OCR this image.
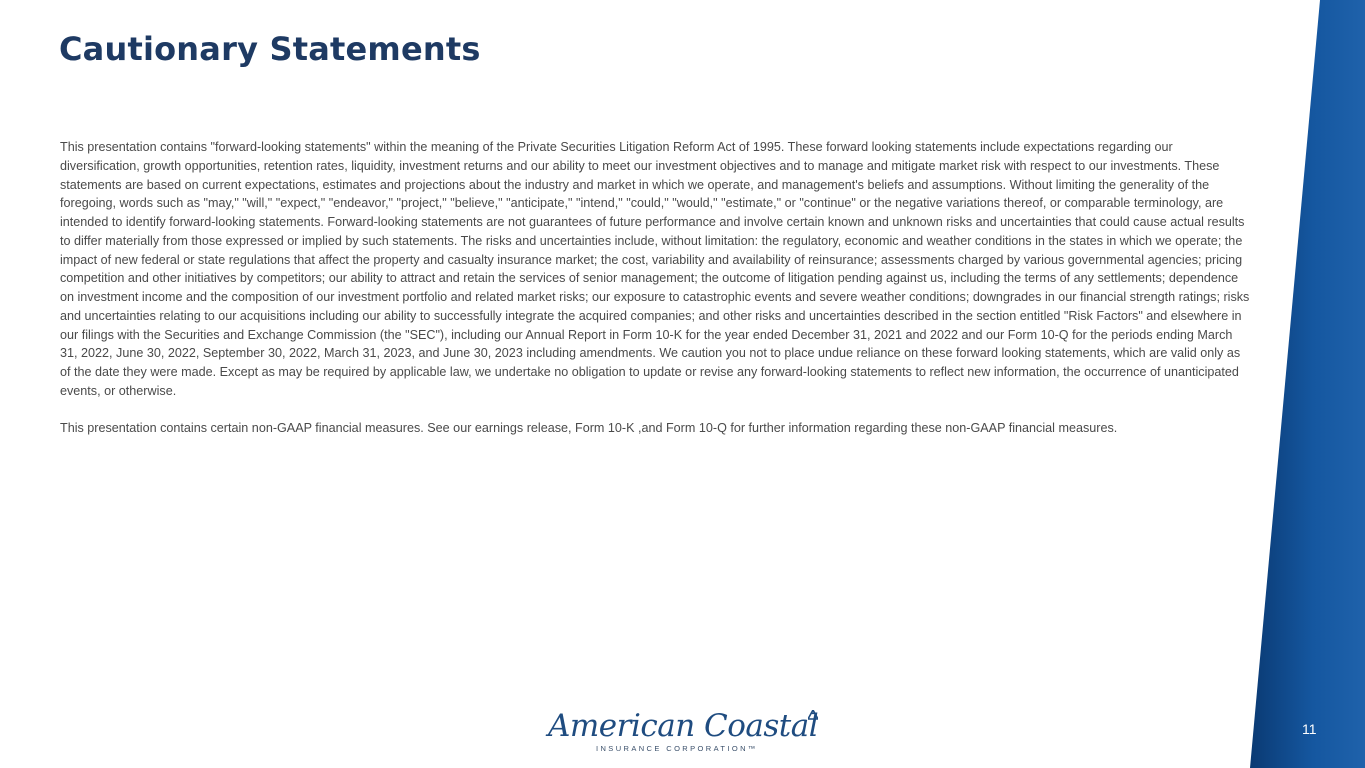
Cautionary Statements

This presentation contains "forward-looking statements" within the meaning of the Private Securities Litigation Reform Act of 1995. These forward looking statements include expectations regarding our diversification, growth opportunities, retention rates, liquidity, investment returns and our ability to meet our investment objectives and to manage and mitigate market risk with respect to our investments. These statements are based on current expectations, estimates and projections about the industry and market in which we operate, and management's beliefs and assumptions. Without limiting the generality of the foregoing, words such as "may," "will," "expect," "endeavor," "project," "believe," "anticipate," "intend," "could," "would," "estimate," or "continue" or the negative variations thereof, or comparable terminology, are intended to identify forward-looking statements. Forward-looking statements are not guarantees of future performance and involve certain known and unknown risks and uncertainties that could cause actual results to differ materially from those expressed or implied by such statements. The risks and uncertainties include, without limitation: the regulatory, economic and weather conditions in the states in which we operate; the impact of new federal or state regulations that affect the property and casualty insurance market; the cost, variability and availability of reinsurance; assessments charged by various governmental agencies; pricing competition and other initiatives by competitors; our ability to attract and retain the services of senior management; the outcome of litigation pending against us, including the terms of any settlements; dependence on investment income and the composition of our investment portfolio and related market risks; our exposure to catastrophic events and severe weather conditions; downgrades in our financial strength ratings; risks and uncertainties relating to our acquisitions including our ability to successfully integrate the acquired companies; and other risks and uncertainties described in the section entitled "Risk Factors" and elsewhere in our filings with the Securities and Exchange Commission (the "SEC"), including our Annual Report in Form 10-K for the year ended December 31, 2021 and 2022 and our Form 10-Q for the periods ending March 31, 2022, June 30, 2022, September 30, 2022, March 31, 2023, and June 30, 2023 including amendments. We caution you not to place undue reliance on these forward looking statements, which are valid only as of the date they were made. Except as may be required by applicable law, we undertake no obligation to update or revise any forward-looking statements to reflect new information, the occurrence of unanticipated events, or otherwise.

This presentation contains certain non-GAAP financial measures. See our earnings release, Form 10-K ,and Form 10-Q for further information regarding these non-GAAP financial measures.

American Coastal
INSURANCE CORPORATION™
11
